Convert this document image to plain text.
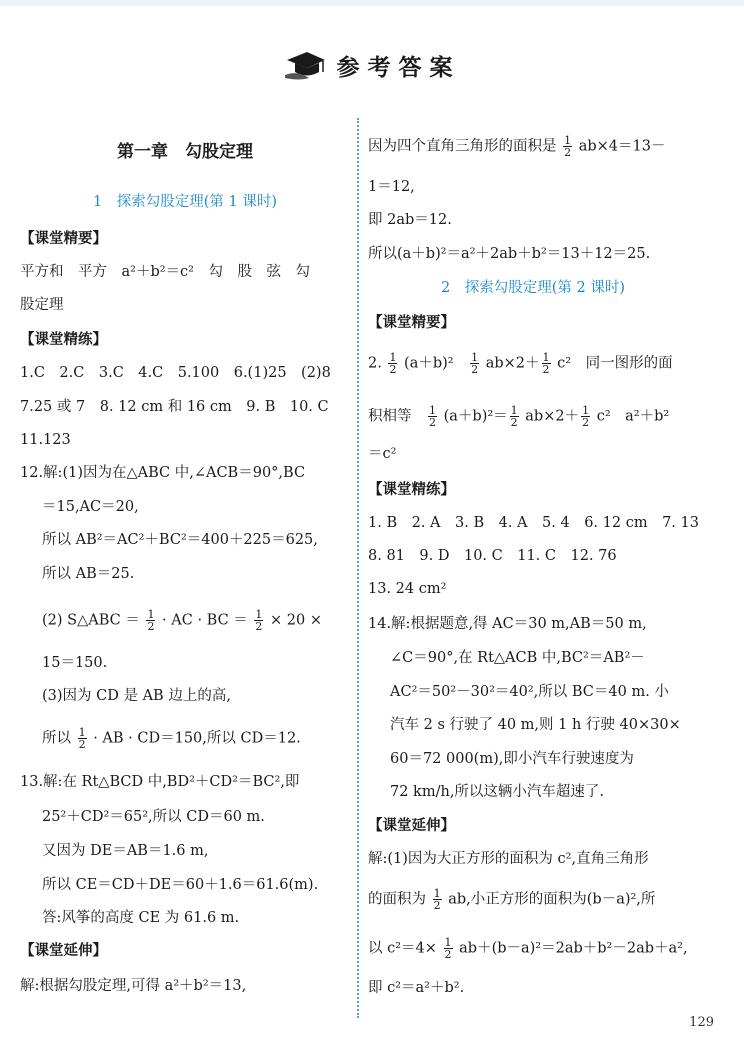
参考答案
第一章　勾股定理
1　探索勾股定理(第 1 课时)
【课堂精要】
平方和　平方　a²＋b²＝c²　勾　股　弦　勾
股定理
【课堂精练】
1.C　2.C　3.C　4.C　5.100　6.(1)25　(2)8
7.25 或 7　8. 12 cm 和 16 cm　9. B　10. C
11.123
12.解:(1)因为在△ABC 中,∠ACB＝90°,BC
＝15,AC＝20,
所以 AB²＝AC²＋BC²＝400＋225＝625,
所以 AB＝25.
(2) S△ABC ＝ $\frac{1}{2}$ · AC · BC ＝ $\frac{1}{2} \times 20$ ×
15＝150.
(3)因为 CD 是 AB 边上的高,
所以 $\frac{1}{2}$ · AB · CD＝150,所以 CD＝12.
13.解:在 Rt△BCD 中,BD²＋CD²＝BC²,即
25²＋CD²＝65²,所以 CD＝60 m.
又因为 DE＝AB＝1.6 m,
所以 CE＝CD＋DE＝60＋1.6＝61.6(m).
答:风筝的高度 CE 为 61.6 m.
【课堂延伸】
解:根据勾股定理,可得 a²＋b²＝13,
因为四个直角三角形的面积是 $\frac{1}{2} ab\times 4=13-$
1＝12,
即 2ab＝12.
所以(a＋b)²＝a²＋2ab＋b²＝13＋12＝25.
2　探索勾股定理(第 2 课时)
【课堂精要】
2. $\frac{1}{2} (a+b)^2$　 $\frac{1}{2} ab\times 2+ \frac{1}{2} c^2$　同一图形的面
积相等　 $\frac{1}{2} (a+b)^2= \frac{1}{2} ab\times 2+ \frac{1}{2} c^2$　a²＋b²
＝c²
【课堂精练】
1. B　2. A　3. B　4. A　5. 4　6. 12 cm　7. 13
8. 81　9. D　10. C　11. C　12. 76
13. 24 cm²
14.解:根据题意,得 AC＝30 m,AB＝50 m,
∠C＝90°,在 Rt△ACB 中,BC²＝AB²－
AC²＝50²－30²＝40²,所以 BC＝40 m. 小
汽车 2 s 行驶了 40 m,则 1 h 行驶 40×30×
60＝72 000(m),即小汽车行驶速度为
72 km/h,所以这辆小汽车超速了.
【课堂延伸】
解:(1)因为大正方形的面积为 c²,直角三角形
的面积为 $\frac{1}{2}$ ab,小正方形的面积为(b－a)²,所
以 $c^2=4\times \frac{1}{2} ab+(b-a)^2=2ab+b^2-2ab+a^2$,
即 c²＝a²＋b².
129
